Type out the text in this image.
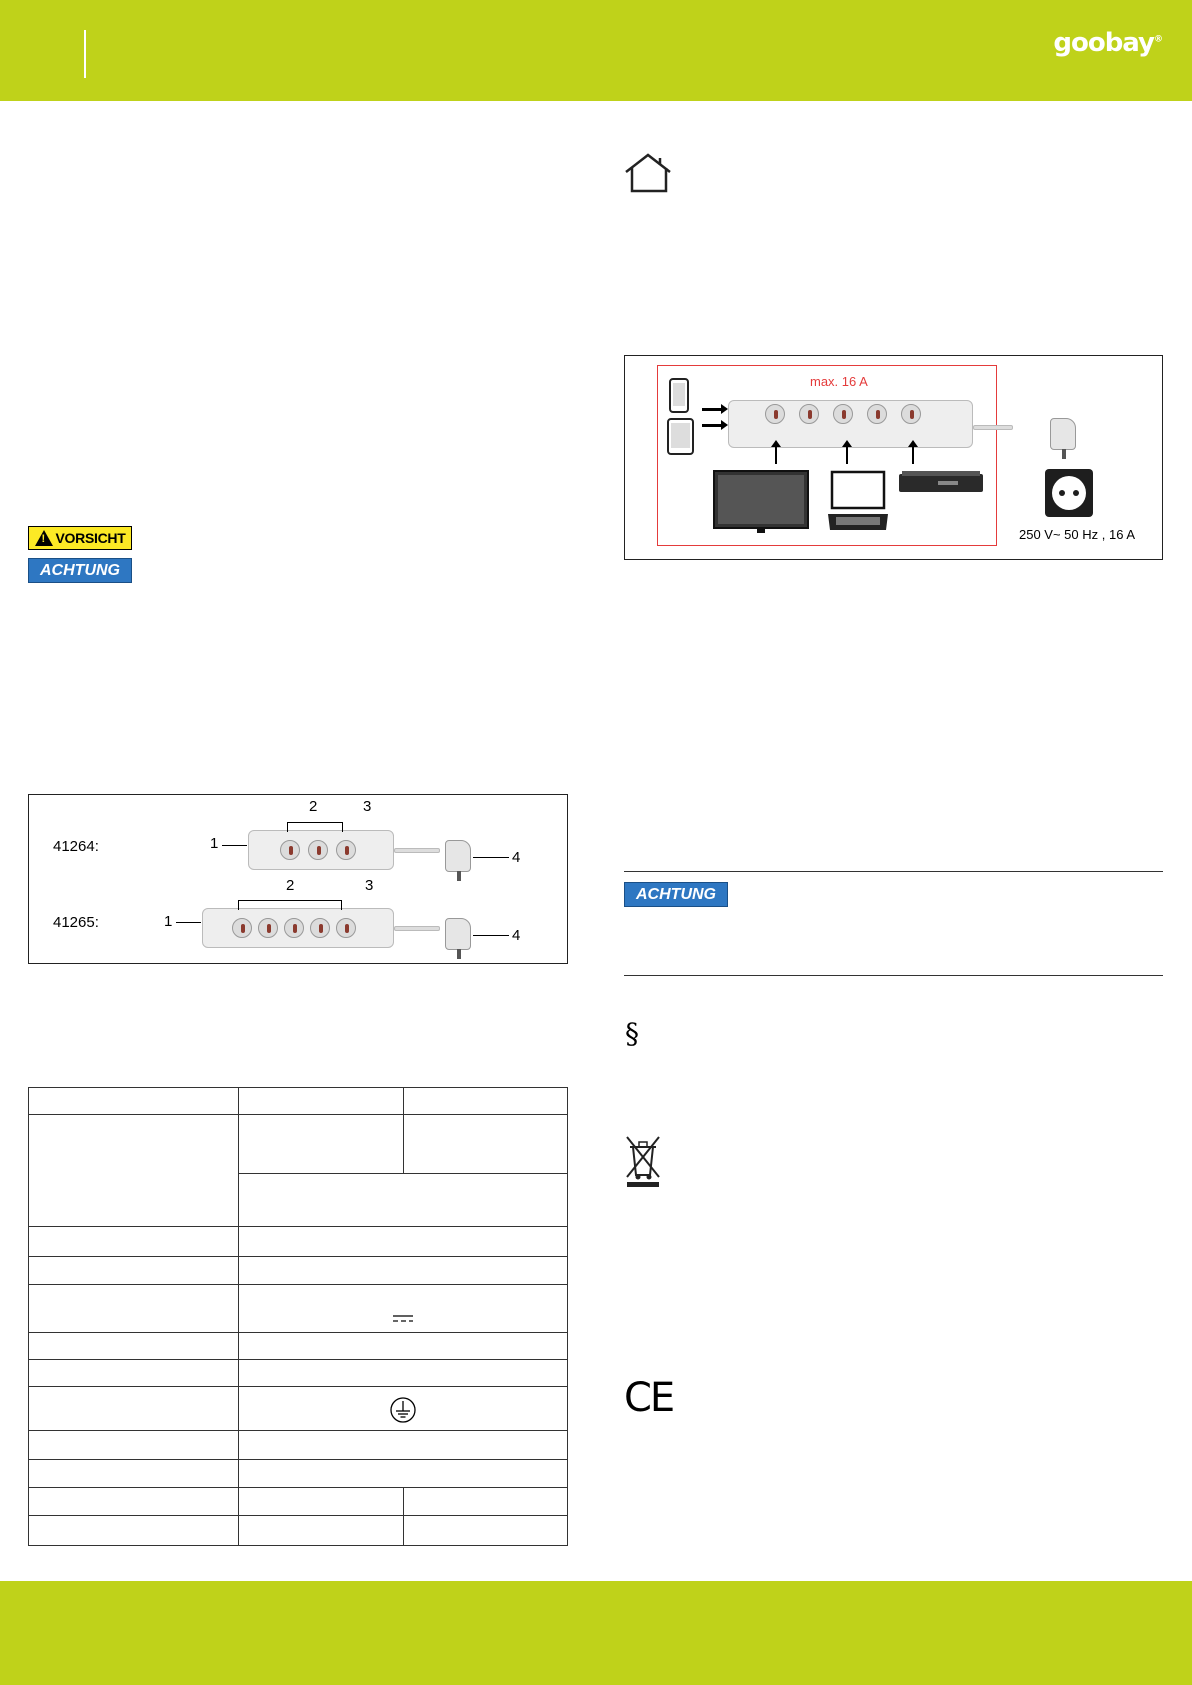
goobay®
! VORSICHT
ACHTUNG
41264:
41265:
1
2	3
4
1
2	3
4
max. 16 A
250 V~ 50 Hz , 16 A
ACHTUNG
§
CE
